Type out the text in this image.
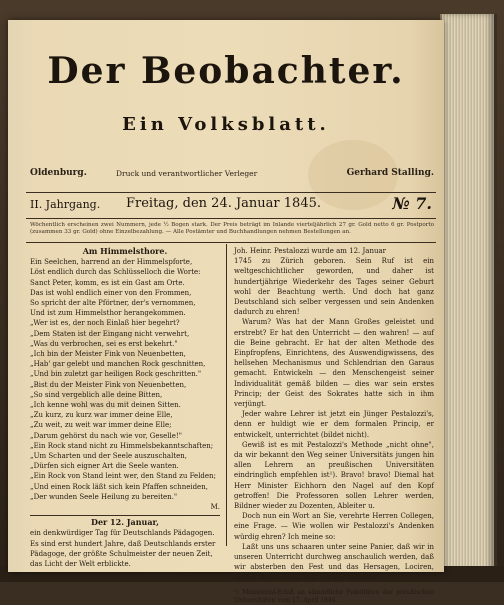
Der Beobachter.
Ein Volksblatt.
Oldenburg.	Druck und verantwortlicher Verleger	Gerhard Stalling.
II. Jahrgang. Freitag, den 24. Januar 1845.	№ 7.
Wöchentlich erscheinen zwei Nummern, jede ½ Bogen stark. Der Preis beträgt im Inlande vierteljährlich 27 gr. Gold netto 6 gr. Postporto (zusammen 33 gr. Gold) ohne Einzelbezahlung. — Alle Postämter und Buchhandlungen nehmen Bestellungen an.
Am Himmelsthore.
Ein Seelchen, harrend an der Himmelspforte,
Löst endlich durch das Schlüsselloch die Worte:
Sanct Peter, komm, es ist ein Gast am Orte.
Das ist wohl endlich einer von den Frommen,
So spricht der alte Pförtner, der's vernommen,
Und ist zum Himmelsthor herangekommen.
„Wer ist es, der noch Einlaß hier begehrt?
„Dem Staten ist der Eingang nicht verwehrt,
„Was du verbrochen, sei es erst bekehrt."
„Ich bin der Meister Fink von Neuenbetten,
„Hab' gar gelebt und manchen Rock geschnitten,
„Und bin zuletzt gar heiligen Rock geschritten."
„Bist du der Meister Fink von Neuenbetten,
„So sind vergeblich alle deine Bitten,
„Ich kenne wohl was du mit deinen Sitten.
„Zu kurz, zu kurz war immer deine Elle,
„Zu weit, zu weit war immer deine Elle;
„Darum gehörst du nach wie vor, Geselle!"
„Ein Rock stand nicht zu Himmelsbekanntschaften;
„Um Scharten und der Seele auszuschalten,
„Dürfen sich eigner Art die Seele wanten.
„Ein Rock von Stand leint wer, den Stand zu Felden;
„Und einen Rock läßt sich kein Pfaffen schneiden,
„Der wunden Seele Heilung zu bereiten."
M.
Der 12. Januar,
ein denkwürdiger Tag für Deutschlands Pädagogen.
Es sind erst hundert Jahre, daß Deutschlands erster
Pädagoge, der größte Schulmeister der neuen Zeit,
das Licht der Welt erblickte.
Joh. Heinr. Pestalozzi wurde am 12. Januar
1745 zu Zürich geboren. Sein Ruf ist ein weltgeschichtlicher geworden, und daher ist hundertjährige Wiederkehr des Tages seiner Geburt wohl der Beachtung werth. Und doch hat ganz Deutschland sich selber vergessen und sein Andenken dadurch zu ehren!
Warum? Was hat der Mann Großes geleistet und erstrebt? Er hat den Unterricht — den wahren! — auf die Beine gebracht. Er hat der alten Methode des Einpfropfens, Einrichtens, des Auswendigwissens, des hellsehen Mechanismus und Schlendrian den Garaus gemacht. Entwickeln — den Menschengeist seiner Individualität gemäß bilden — dies war sein erstes Princip; der Geist des Sokrates hatte sich in ihm verjüngt.
Jeder wahre Lehrer ist jetzt ein Jünger Pestalozzi's, denn er huldigt wie er dem formalen Princip, er entwickelt, unterrichtet (bildet nicht).
Gewiß ist es mit Pestalozzi's Methode „nicht ohne", da wir bekannt den Weg seiner Universitäts jungen hin allen Lehrern an preußischen Universitäten eindringlich empfehlen ist¹). Bravo! bravo! Diemal hat Herr Minister Eichhorn den Nagel auf den Kopf getroffen! Die Professoren sollen Lehrer werden, Bildner wieder zu Dozenten, Ableiter u.
Doch nun ein Wort an Sie, verehrte Herren Collegen, eine Frage. — Wie wollen wir Pestalozzi's Andenken würdig ehren? Ich meine so:
Laßt uns uns schaaren unter seine Panier, daß wir in unseren Unterricht durchweg anschaulich werden, daß wir absterben den Fest und das Hersagen, Lociren, todten Wein reicht, daß wir die Individu-
¹) Ministerial-Erlaß an sämmtliche Fakultäten der preußischen Universitäten vom 17. April 1844.
